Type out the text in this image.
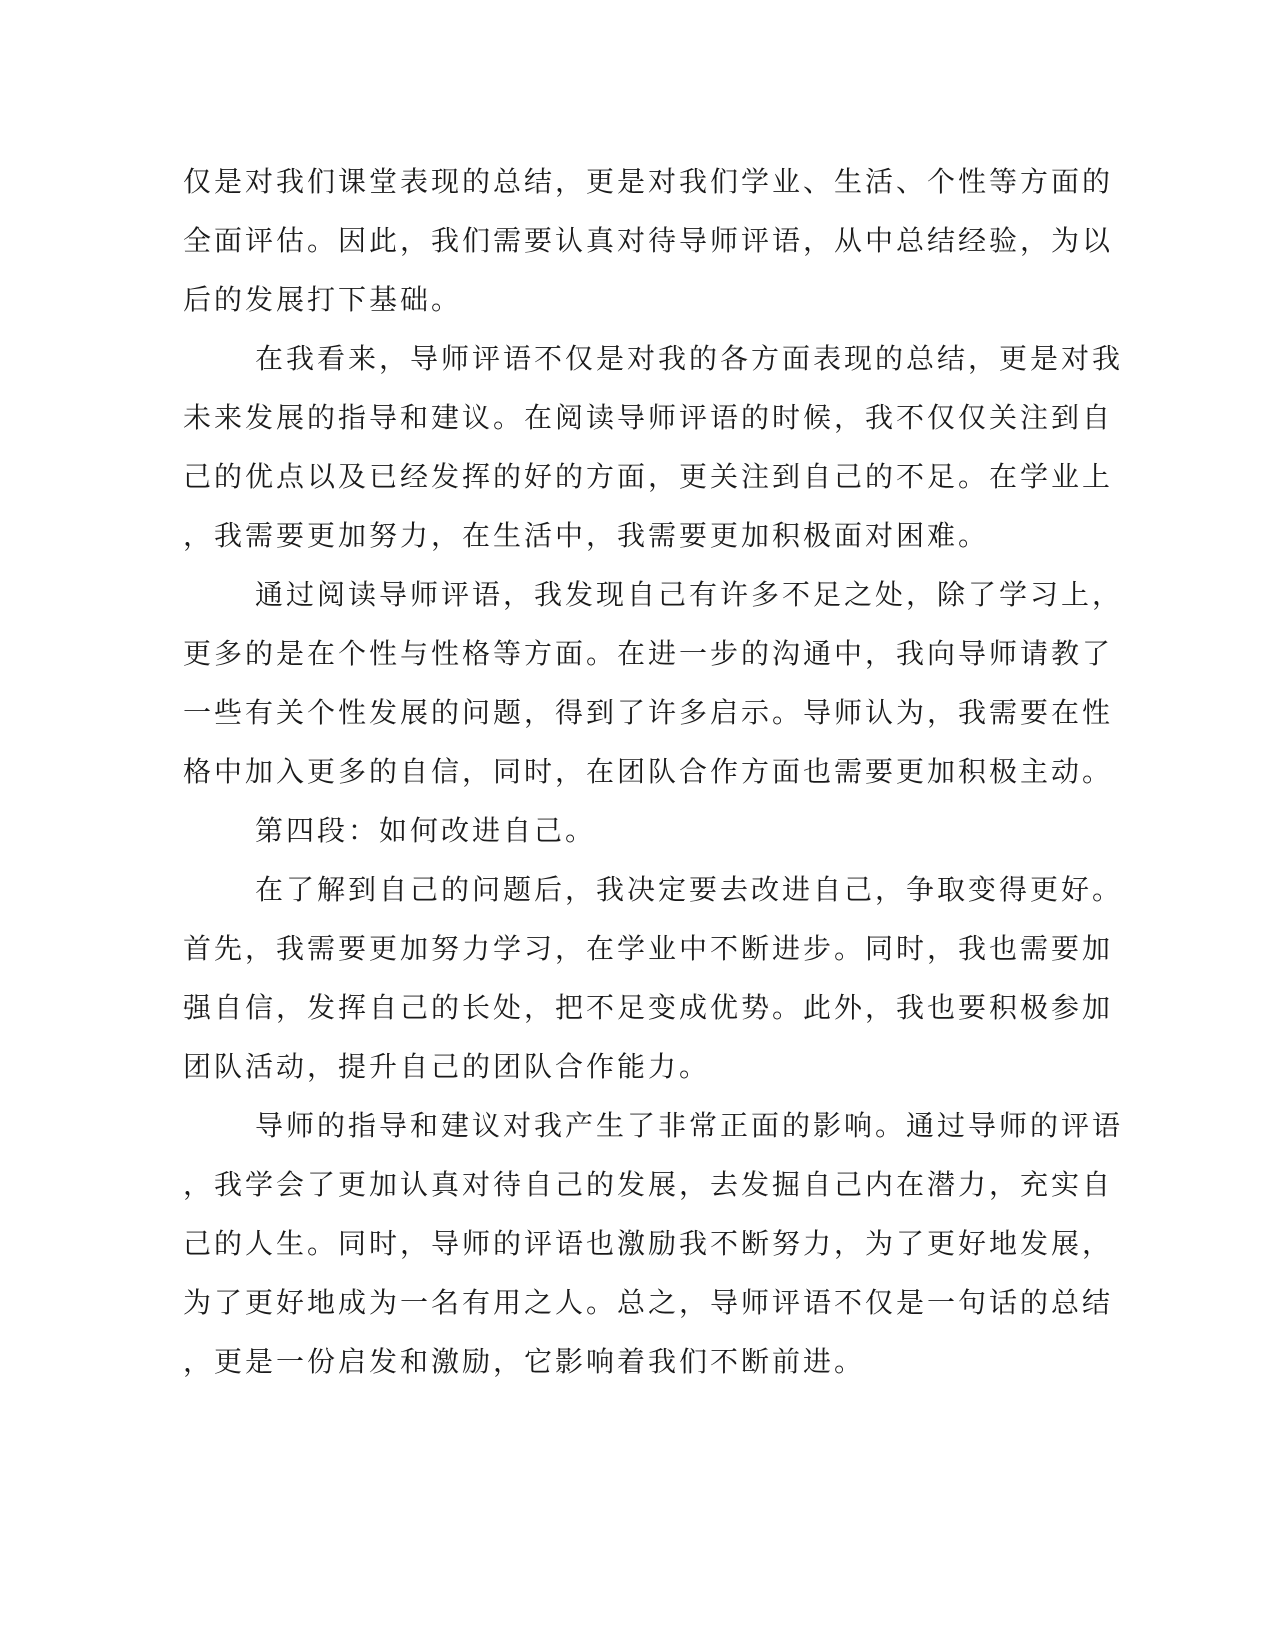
仅是对我们课堂表现的总结，更是对我们学业、生活、个性等方面的
全面评估。因此，我们需要认真对待导师评语，从中总结经验，为以
后的发展打下基础。
在我看来，导师评语不仅是对我的各方面表现的总结，更是对我
未来发展的指导和建议。在阅读导师评语的时候，我不仅仅关注到自
己的优点以及已经发挥的好的方面，更关注到自己的不足。在学业上
，我需要更加努力，在生活中，我需要更加积极面对困难。
通过阅读导师评语，我发现自己有许多不足之处，除了学习上，
更多的是在个性与性格等方面。在进一步的沟通中，我向导师请教了
一些有关个性发展的问题，得到了许多启示。导师认为，我需要在性
格中加入更多的自信，同时，在团队合作方面也需要更加积极主动。
第四段：如何改进自己。
在了解到自己的问题后，我决定要去改进自己，争取变得更好。
首先，我需要更加努力学习，在学业中不断进步。同时，我也需要加
强自信，发挥自己的长处，把不足变成优势。此外，我也要积极参加
团队活动，提升自己的团队合作能力。
导师的指导和建议对我产生了非常正面的影响。通过导师的评语
，我学会了更加认真对待自己的发展，去发掘自己内在潜力，充实自
己的人生。同时，导师的评语也激励我不断努力，为了更好地发展，
为了更好地成为一名有用之人。总之，导师评语不仅是一句话的总结
，更是一份启发和激励，它影响着我们不断前进。
